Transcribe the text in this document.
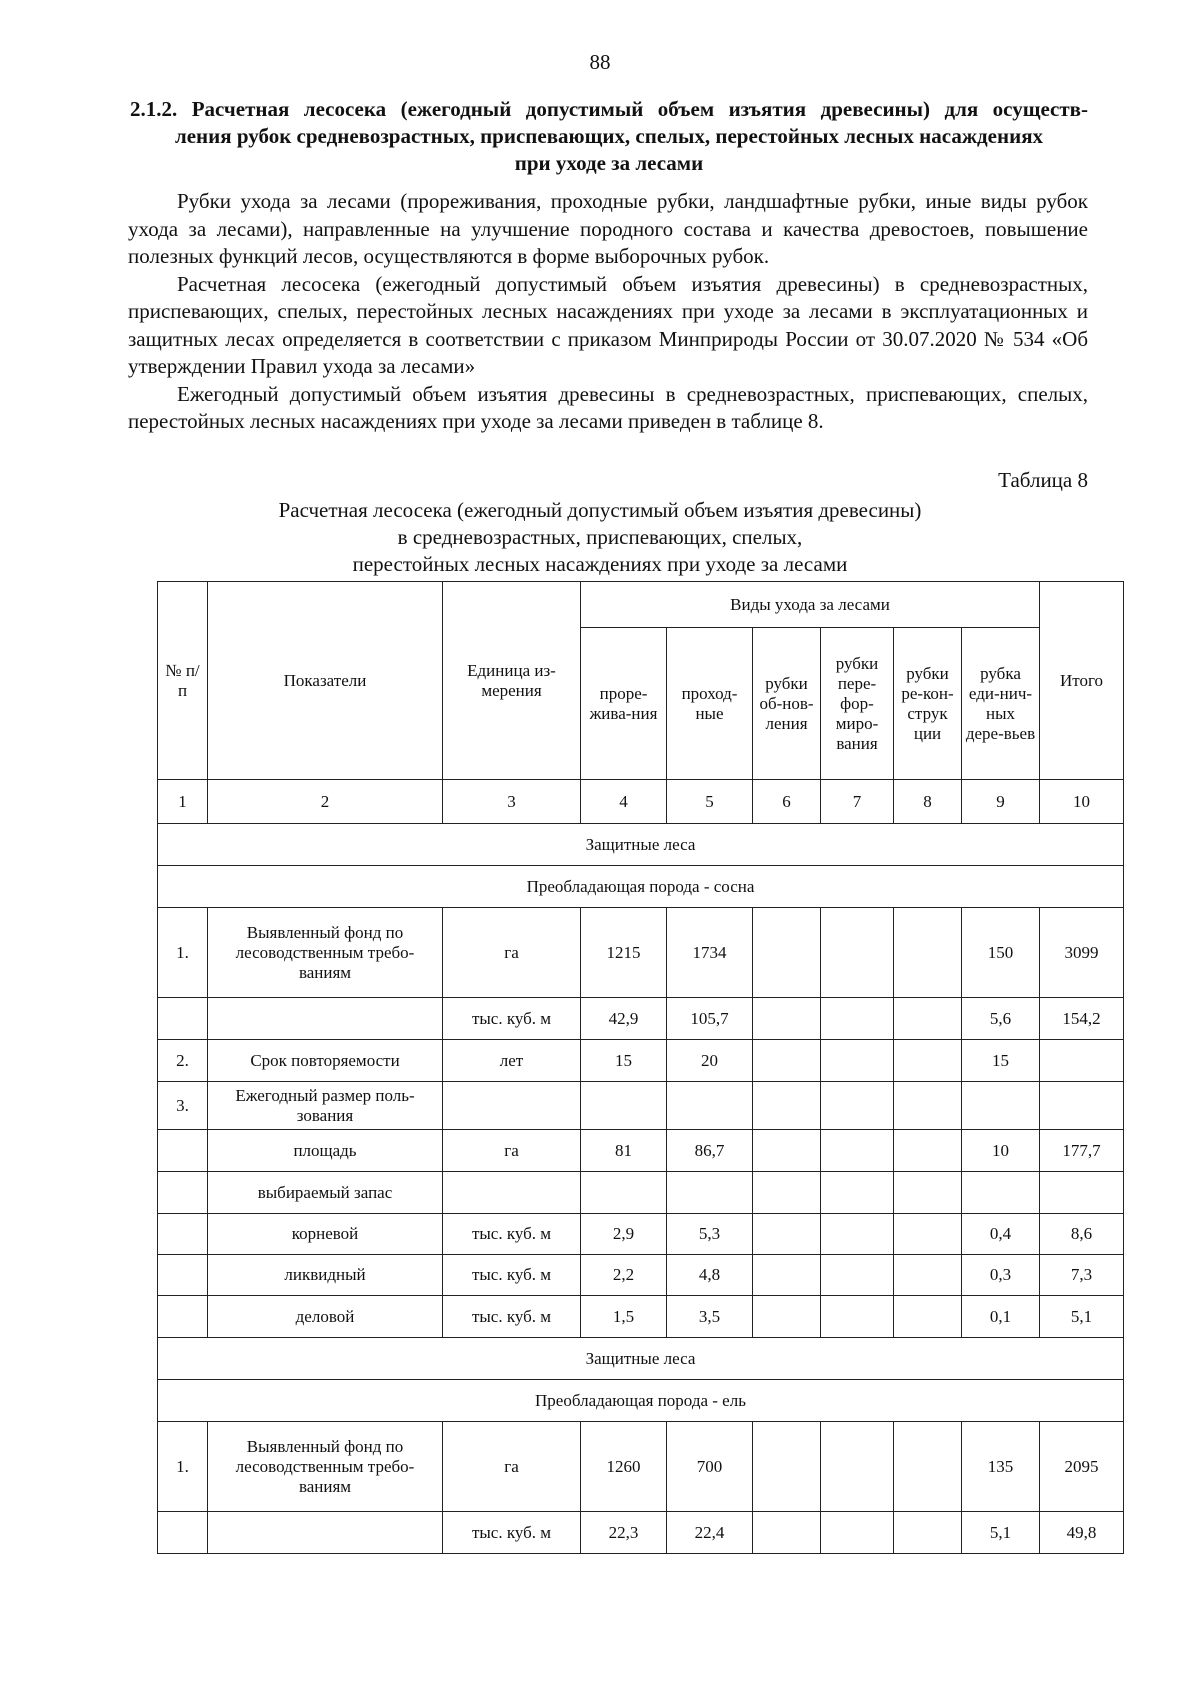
88
2.1.2. Расчетная лесосека (ежегодный допустимый объем изъятия древесины) для осуществ-
ления рубок средневозрастных, приспевающих, спелых, перестойных лесных насаждениях
при уходе за лесами

Рубки ухода за лесами (прореживания, проходные рубки, ландшафтные рубки, иные виды рубок ухода за лесами), направленные на улучшение породного состава и качества древостоев, повышение полезных функций лесов, осуществляются в форме выборочных рубок.

Расчетная лесосека (ежегодный допустимый объем изъятия древесины) в средневозрастных, приспевающих, спелых, перестойных лесных насаждениях при уходе за лесами в эксплуатационных и защитных лесах определяется в соответствии с приказом Минприроды России от 30.07.2020 № 534 «Об утверждении Правил ухода за лесами»

Ежегодный допустимый объем изъятия древесины в средневозрастных, приспевающих, спелых, перестойных лесных насаждениях при уходе за лесами приведен в таблице 8.

Таблица 8
Расчетная лесосека (ежегодный допустимый объем изъятия древесины)
в средневозрастных, приспевающих, спелых,
перестойных лесных насаждениях при уходе за лесами
№ п/п	Показатели	Единица из-мерения	Виды ухода за лесами						Итого
			проре-жива-ния	проход-ные	рубки об-нов-ления	рубки пере-фор-миро-вания	рубки ре-кон-струк ции	рубка еди-нич-ных дере-вьев	
1	2	3	4	5	6	7	8	9	10
Защитные леса									
Преобладающая порода - сосна									
1.	Выявленный фонд по лесоводственным требо-ваниям	га	1215	1734				150	3099
		тыс. куб. м	42,9	105,7				5,6	154,2
2.	Срок повторяемости	лет	15	20				15	
3.	Ежегодный размер поль-зования								
	площадь	га	81	86,7				10	177,7
	выбираемый запас								
	корневой	тыс. куб. м	2,9	5,3				0,4	8,6
	ликвидный	тыс. куб. м	2,2	4,8				0,3	7,3
	деловой	тыс. куб. м	1,5	3,5				0,1	5,1
Защитные леса									
Преобладающая порода - ель									
1.	Выявленный фонд по лесоводственным требо-ваниям	га	1260	700				135	2095
		тыс. куб. м	22,3	22,4				5,1	49,8
